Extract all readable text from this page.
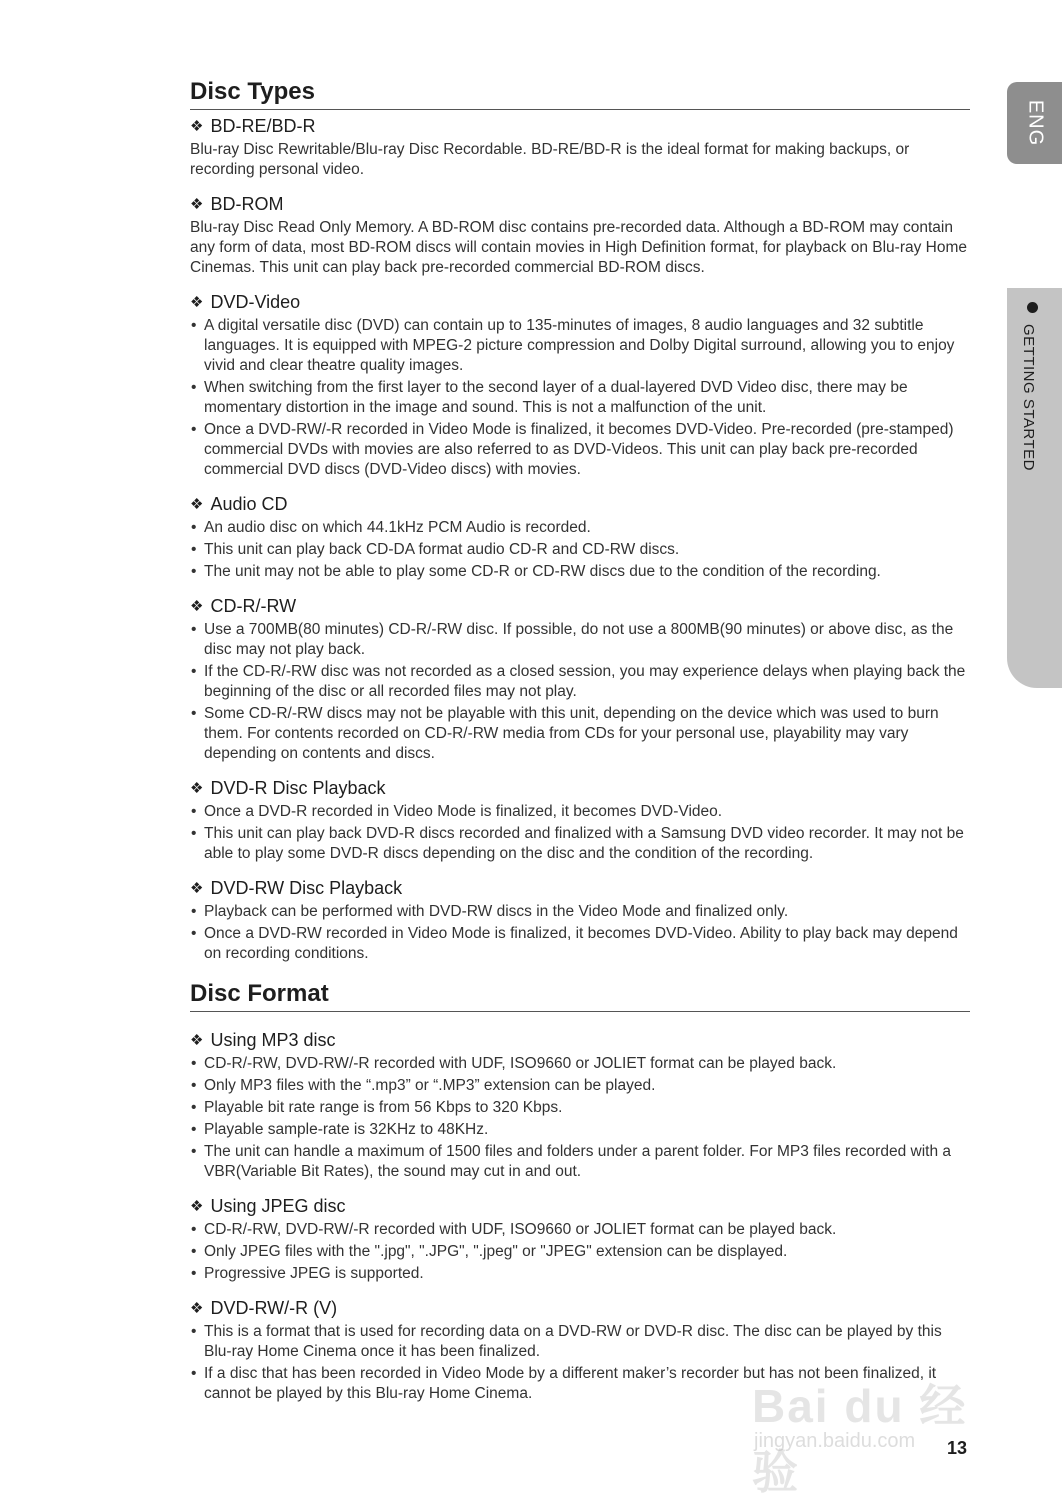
ENG
GETTING STARTED
Disc Types
❖ BD-RE/BD-R

Blu-ray Disc Rewritable/Blu-ray Disc Recordable. BD-RE/BD-R is the ideal format for making backups, or recording personal video.

❖ BD-ROM

Blu-ray Disc Read Only Memory. A BD-ROM disc contains pre-recorded data. Although a BD-ROM may contain any form of data, most BD-ROM discs will contain movies in High Definition format, for playback on Blu-ray Home Cinemas. This unit can play back pre-recorded commercial BD-ROM discs.

❖ DVD-Video
• A digital versatile disc (DVD) can contain up to 135-minutes of images, 8 audio languages and 32 subtitle languages. It is equipped with MPEG-2 picture compression and Dolby Digital surround, allowing you to enjoy vivid and clear theatre quality images.
• When switching from the first layer to the second layer of a dual-layered DVD Video disc, there may be momentary distortion in the image and sound. This is not a malfunction of the unit.
• Once a DVD-RW/-R recorded in Video Mode is finalized, it becomes DVD-Video. Pre-recorded (pre-stamped) commercial DVDs with movies are also referred to as DVD-Videos. This unit can play back pre-recorded commercial DVD discs (DVD-Video discs) with movies.
❖ Audio CD
• An audio disc on which 44.1kHz PCM Audio is recorded.
• This unit can play back CD-DA format audio CD-R and CD-RW discs.
• The unit may not be able to play some CD-R or CD-RW discs due to the condition of the recording.
❖ CD-R/-RW
• Use a 700MB(80 minutes) CD-R/-RW disc. If possible, do not use a 800MB(90 minutes) or above disc, as the disc may not play back.
• If the CD-R/-RW disc was not recorded as a closed session, you may experience delays when playing back the beginning of the disc or all recorded files may not play.
• Some CD-R/-RW discs may not be playable with this unit, depending on the device which was used to burn them. For contents recorded on CD-R/-RW media from CDs for your personal use, playability may vary depending on contents and discs.
❖ DVD-R Disc Playback
• Once a DVD-R recorded in Video Mode is finalized, it becomes DVD-Video.
• This unit can play back DVD-R discs recorded and finalized with a Samsung DVD video recorder. It may not be able to play some DVD-R discs depending on the disc and the condition of the recording.
❖ DVD-RW Disc Playback
• Playback can be performed with DVD-RW discs in the Video Mode and finalized only.
• Once a DVD-RW recorded in Video Mode is finalized, it becomes DVD-Video. Ability to play back may depend on recording conditions.
Disc Format
❖ Using MP3 disc
• CD-R/-RW, DVD-RW/-R recorded with UDF, ISO9660 or JOLIET format can be played back.
• Only MP3 files with the “.mp3” or “.MP3” extension can be played.
• Playable bit rate range is from 56 Kbps to 320 Kbps.
• Playable sample-rate is 32KHz to 48KHz.
• The unit can handle a maximum of 1500 files and folders under a parent folder. For MP3 files recorded with a VBR(Variable Bit Rates), the sound may cut in and out.
❖ Using JPEG disc
• CD-R/-RW, DVD-RW/-R recorded with UDF, ISO9660 or JOLIET format can be played back.
• Only JPEG files with the ".jpg", ".JPG", ".jpeg" or "JPEG" extension can be displayed.
• Progressive JPEG is supported.
❖ DVD-RW/-R (V)
• This is a format that is used for recording data on a DVD-RW or DVD-R disc. The disc can be played by this Blu-ray Home Cinema once it has been finalized.
• If a disc that has been recorded in Video Mode by a different maker’s recorder but has not been finalized, it cannot be played by this Blu-ray Home Cinema.	Bai du 经验
jingyan.baidu.com 13
